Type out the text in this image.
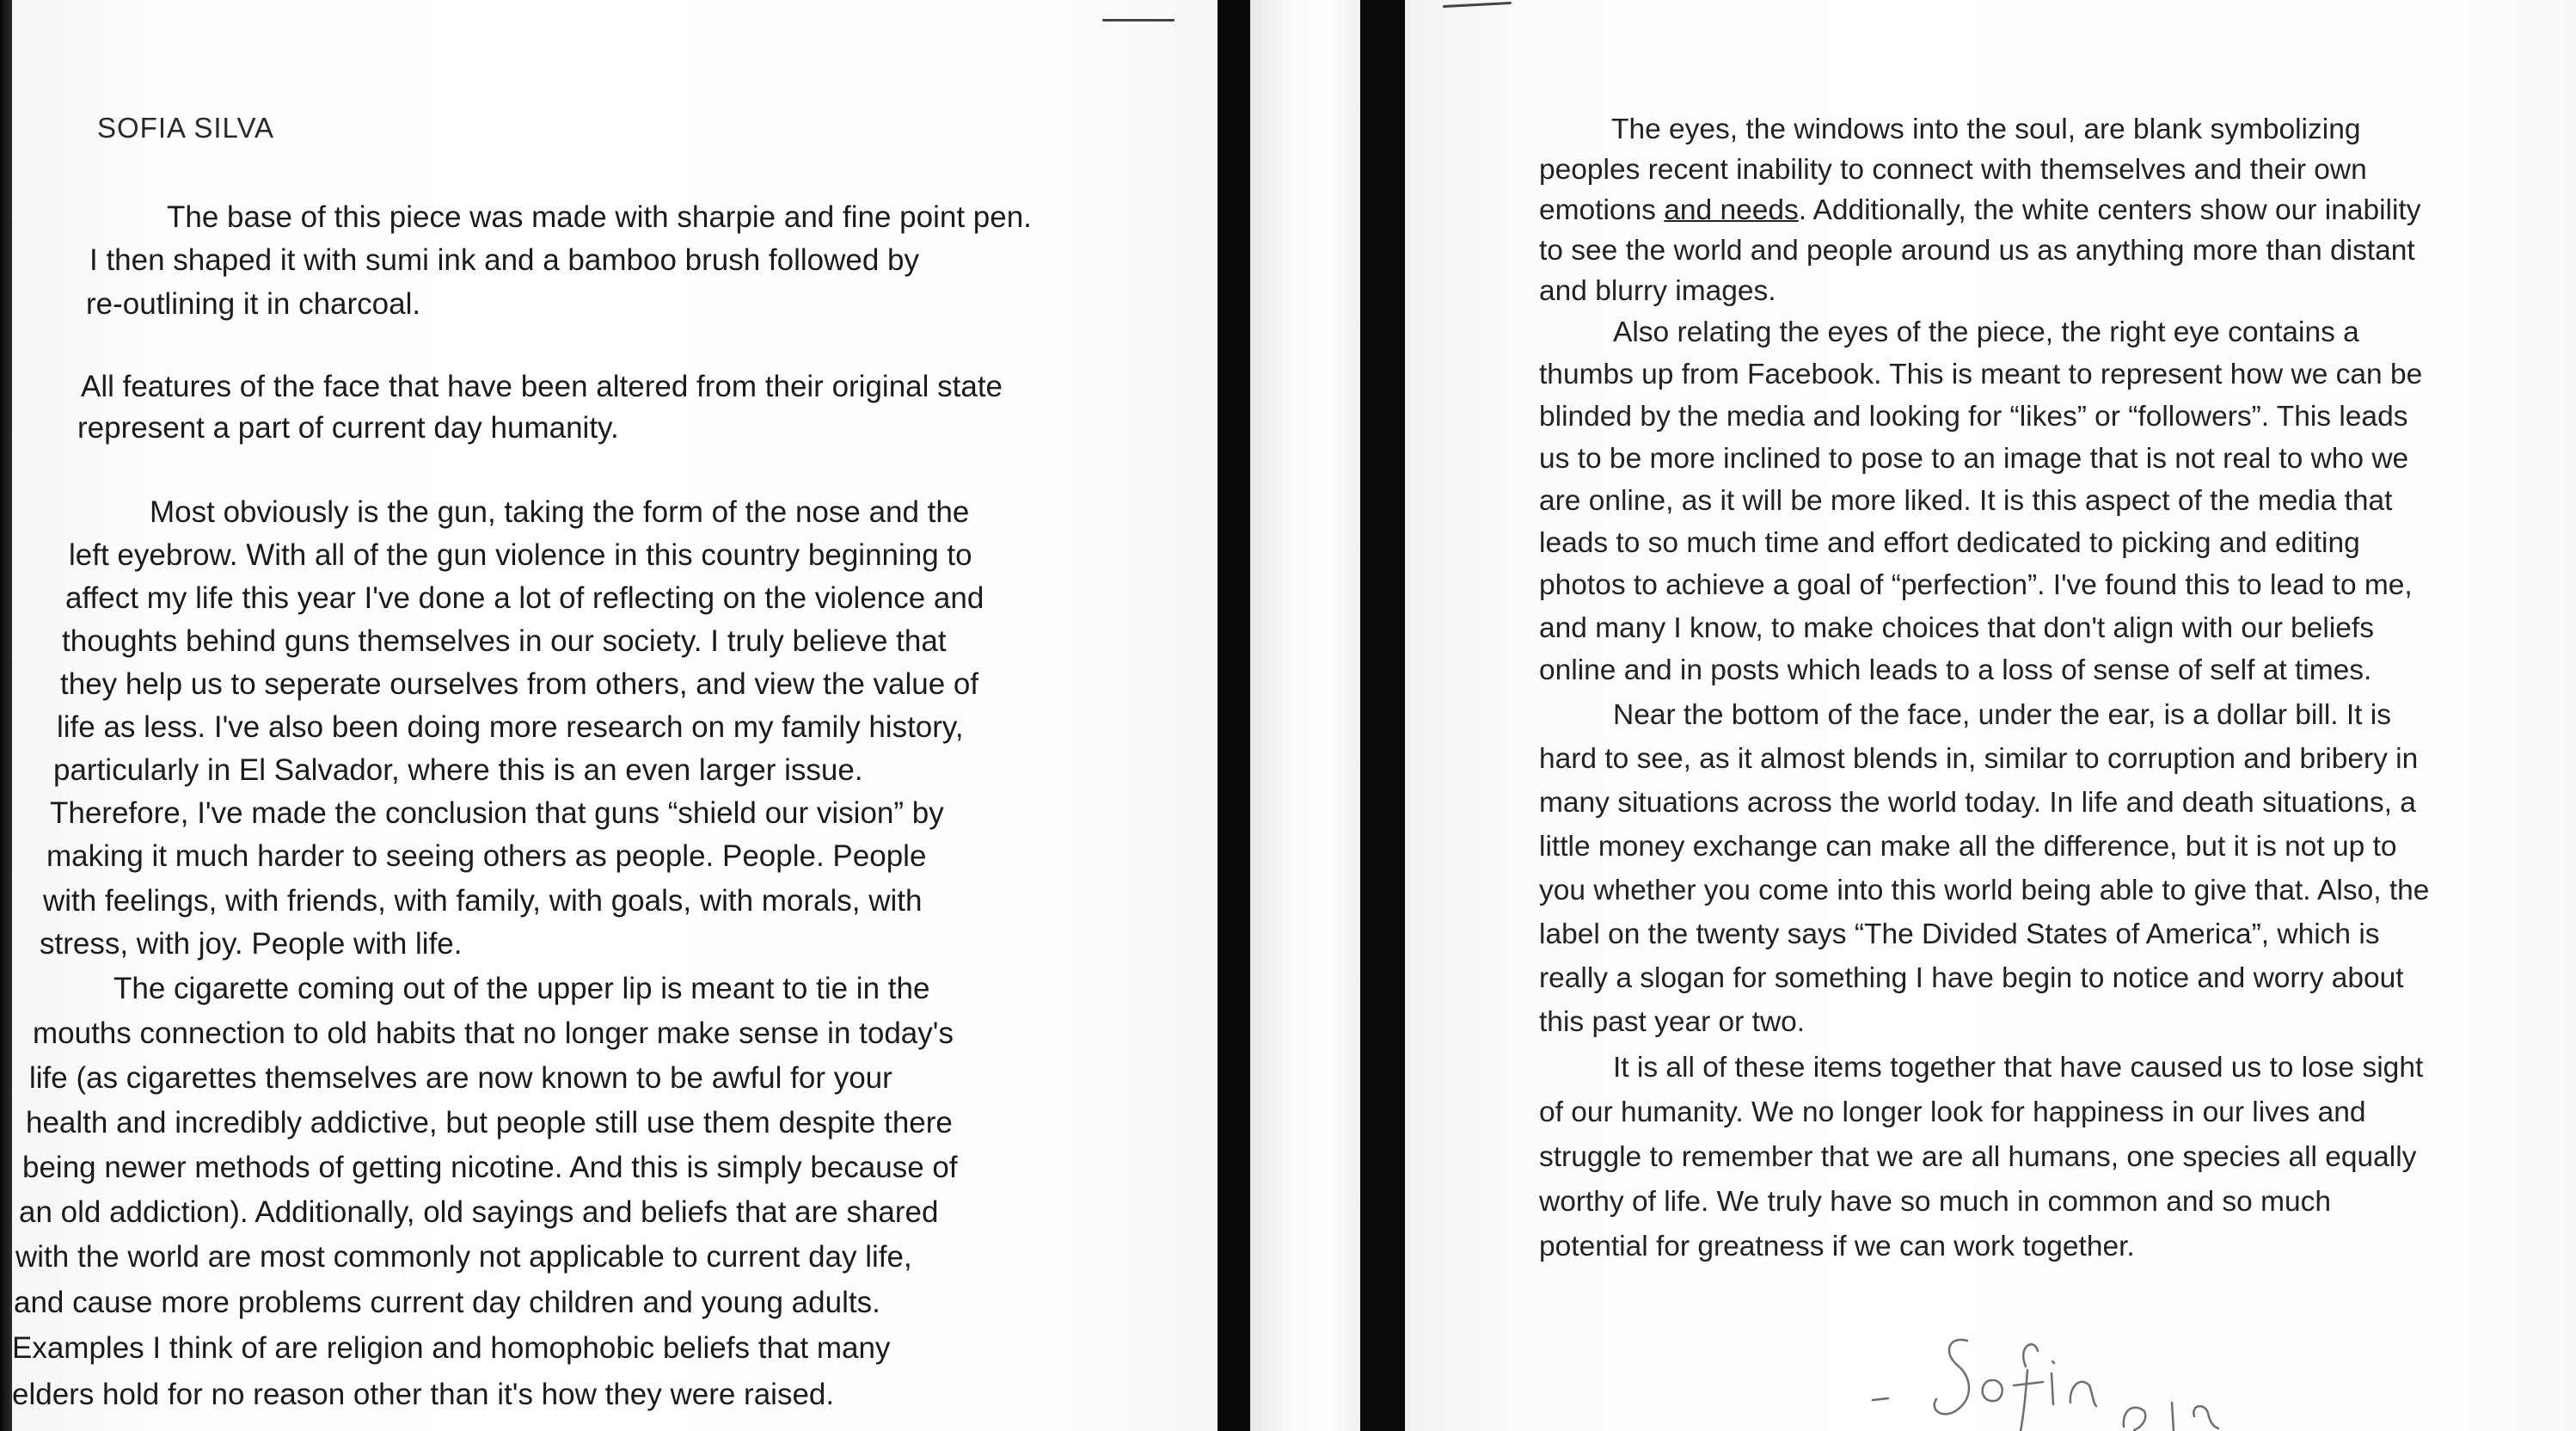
SOFIA SILVA

The base of this piece was made with sharpie and fine point pen.

I then shaped it with sumi ink and a bamboo brush followed by

re-outlining it in charcoal.

All features of the face that have been altered from their original state

represent a part of current day humanity.

Most obviously is the gun, taking the form of the nose and the

left eyebrow. With all of the gun violence in this country beginning to

affect my life this year I've done a lot of reflecting on the violence and

thoughts behind guns themselves in our society. I truly believe that

they help us to seperate ourselves from others, and view the value of

life as less. I've also been doing more research on my family history,

particularly in El Salvador, where this is an even larger issue.

Therefore, I've made the conclusion that guns “shield our vision” by

making it much harder to seeing others as people. People. People

with feelings, with friends, with family, with goals, with morals, with

stress, with joy. People with life.

The cigarette coming out of the upper lip is meant to tie in the

mouths connection to old habits that no longer make sense in today's

life (as cigarettes themselves are now known to be awful for your

health and incredibly addictive, but people still use them despite there

being newer methods of getting nicotine. And this is simply because of

an old addiction). Additionally, old sayings and beliefs that are shared

with the world are most commonly not applicable to current day life,

and cause more problems current day children and young adults.

Examples I think of are religion and homophobic beliefs that many

elders hold for no reason other than it's how they were raised.

The eyes, the windows into the soul, are blank symbolizing

peoples recent inability to connect with themselves and their own

emotions and needs. Additionally, the white centers show our inability

to see the world and people around us as anything more than distant

and blurry images.

Also relating the eyes of the piece, the right eye contains a

thumbs up from Facebook. This is meant to represent how we can be

blinded by the media and looking for “likes” or “followers”. This leads

us to be more inclined to pose to an image that is not real to who we

are online, as it will be more liked. It is this aspect of the media that

leads to so much time and effort dedicated to picking and editing

photos to achieve a goal of “perfection”. I've found this to lead to me,

and many I know, to make choices that don't align with our beliefs

online and in posts which leads to a loss of sense of self at times.

Near the bottom of the face, under the ear, is a dollar bill. It is

hard to see, as it almost blends in, similar to corruption and bribery in

many situations across the world today. In life and death situations, a

little money exchange can make all the difference, but it is not up to

you whether you come into this world being able to give that. Also, the

label on the twenty says “The Divided States of America”, which is

really a slogan for something I have begin to notice and worry about

this past year or two.

It is all of these items together that have caused us to lose sight

of our humanity. We no longer look for happiness in our lives and

struggle to remember that we are all humans, one species all equally

worthy of life. We truly have so much in common and so much

potential for greatness if we can work together.
